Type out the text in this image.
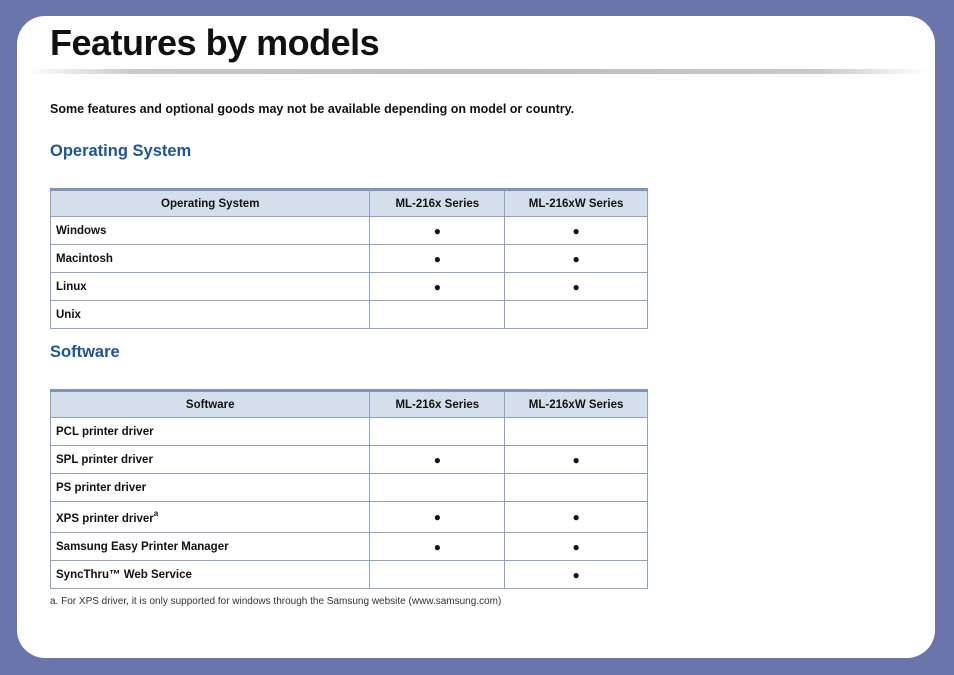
Features by models

Some features and optional goods may not be available depending on model or country.

Operating System
Operating System	ML-216x Series	ML-216xW Series
Windows	●	●
Macintosh	●	●
Linux	●	●
Unix		
Software
Software	ML-216x Series	ML-216xW Series
PCL printer driver		
SPL printer driver	●	●
PS printer driver		
XPS printer driver$^a$	●	●
Samsung Easy Printer Manager	●	●
SyncThru™ Web Service		●

a. For XPS driver, it is only supported for windows through the Samsung website (www.samsung.com)
